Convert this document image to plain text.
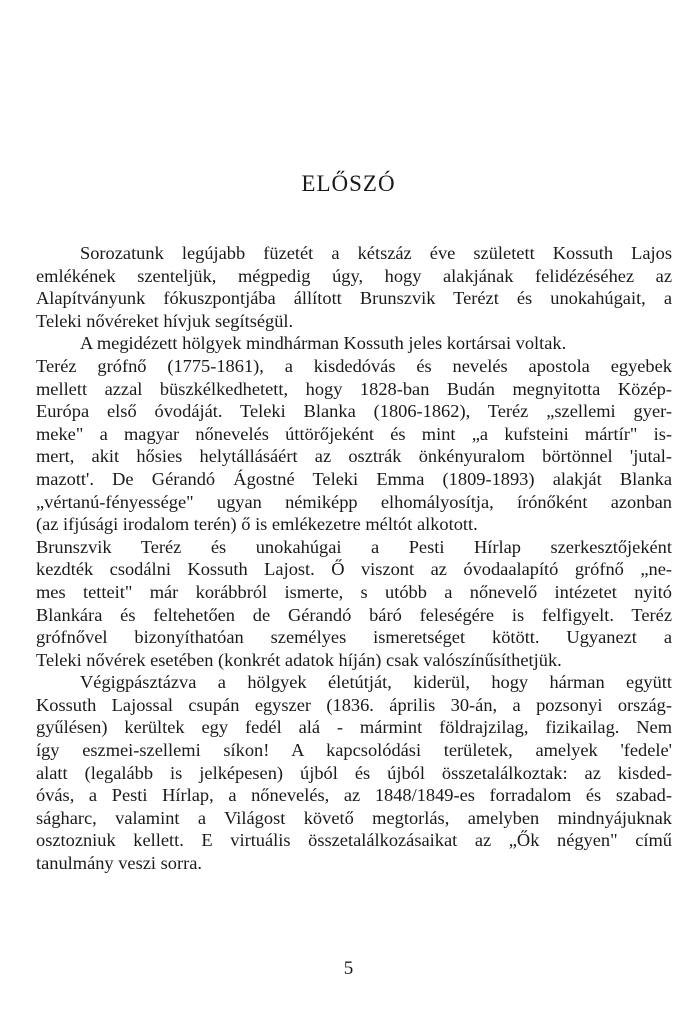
ELŐSZÓ
Sorozatunk legújabb füzetét a kétszáz éve született Kossuth Lajos
emlékének szenteljük, mégpedig úgy, hogy alakjának felidézéséhez az
Alapítványunk fókuszpontjába állított Brunszvik Terézt és unokahúgait, a
Teleki nővéreket hívjuk segítségül.
A megidézett hölgyek mindhárman Kossuth jeles kortársai voltak.
Teréz grófnő (1775-1861), a kisdedóvás és nevelés apostola egyebek
mellett azzal büszkélkedhetett, hogy 1828-ban Budán megnyitotta Közép-
Európa első óvodáját. Teleki Blanka (1806-1862), Teréz „szellemi gyer-
meke" a magyar nőnevelés úttörőjeként és mint „a kufsteini mártír" is-
mert, akit hősies helytállásáért az osztrák önkényuralom börtönnel 'jutal-
mazott'. De Gérandó Ágostné Teleki Emma (1809-1893) alakját Blanka
„vértanú-fényessége" ugyan némiképp elhomályosítja, írónőként azonban
(az ifjúsági irodalom terén) ő is emlékezetre méltót alkotott.
Brunszvik Teréz és unokahúgai a Pesti Hírlap szerkesztőjeként
kezdték csodálni Kossuth Lajost. Ő viszont az óvodaalapító grófnő „ne-
mes tetteit" már korábbról ismerte, s utóbb a nőnevelő intézetet nyitó
Blankára és feltehetően de Gérandó báró feleségére is felfigyelt. Teréz
grófnővel bizonyíthatóan személyes ismeretséget kötött. Ugyanezt a
Teleki nővérek esetében (konkrét adatok híján) csak valószínűsíthetjük.
Végigpásztázva a hölgyek életútját, kiderül, hogy hárman együtt
Kossuth Lajossal csupán egyszer (1836. április 30-án, a pozsonyi ország-
gyűlésen) kerültek egy fedél alá - mármint földrajzilag, fizikailag. Nem
így eszmei-szellemi síkon! A kapcsolódási területek, amelyek 'fedele'
alatt (legalább is jelképesen) újból és újból összetalálkoztak: az kisded-
óvás, a Pesti Hírlap, a nőnevelés, az 1848/1849-es forradalom és szabad-
ságharc, valamint a Világost követő megtorlás, amelyben mindnyájuknak
osztozniuk kellett. E virtuális összetalálkozásaikat az „Ők négyen" című
tanulmány veszi sorra.
5
